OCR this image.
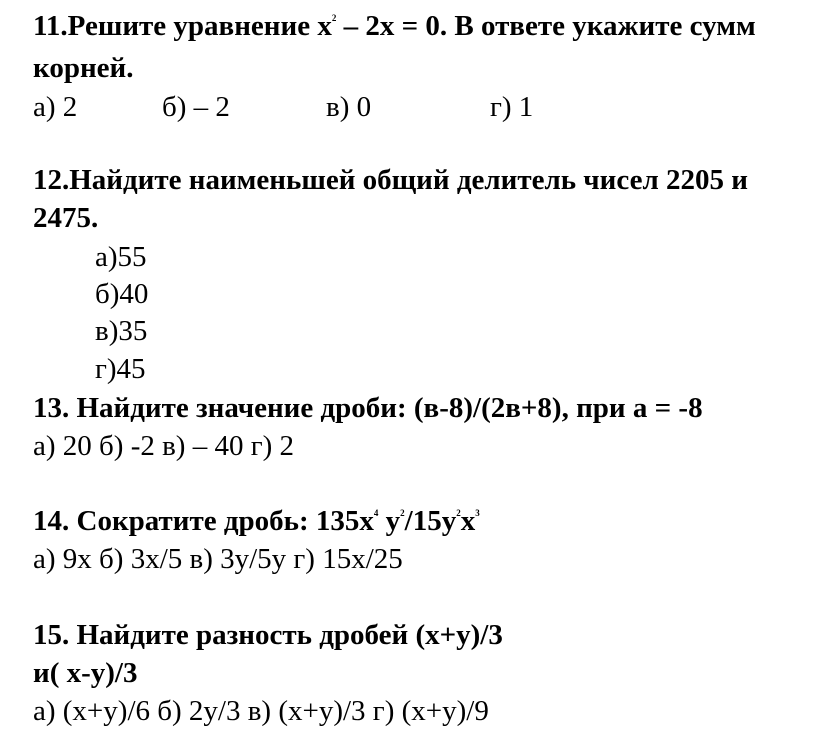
11.Решите уравнение $x^2 - 2x = 0$. В ответе укажите сумм
корней.
а) 2	б) – 2	в) 0	г) 1
12.Найдите наименьшей общий делитель чисел 2205 и
2475.
а)55
б)40
в)35
г)45
13. Найдите значение дроби: (в-8)/(2в+8), при а = -8
а) 20 б) -2 в) – 40 г) 2
14. Сократите дробь: $135x^4$ $y^2/15y^2x^3$
а) 9х б) 3х/5 в) 3у/5у г) 15х/25
15. Найдите разность дробей (x+y)/3
и( x-y)/3
а) (х+у)/6 б) 2у/3 в) (х+у)/3 г) (х+у)/9
